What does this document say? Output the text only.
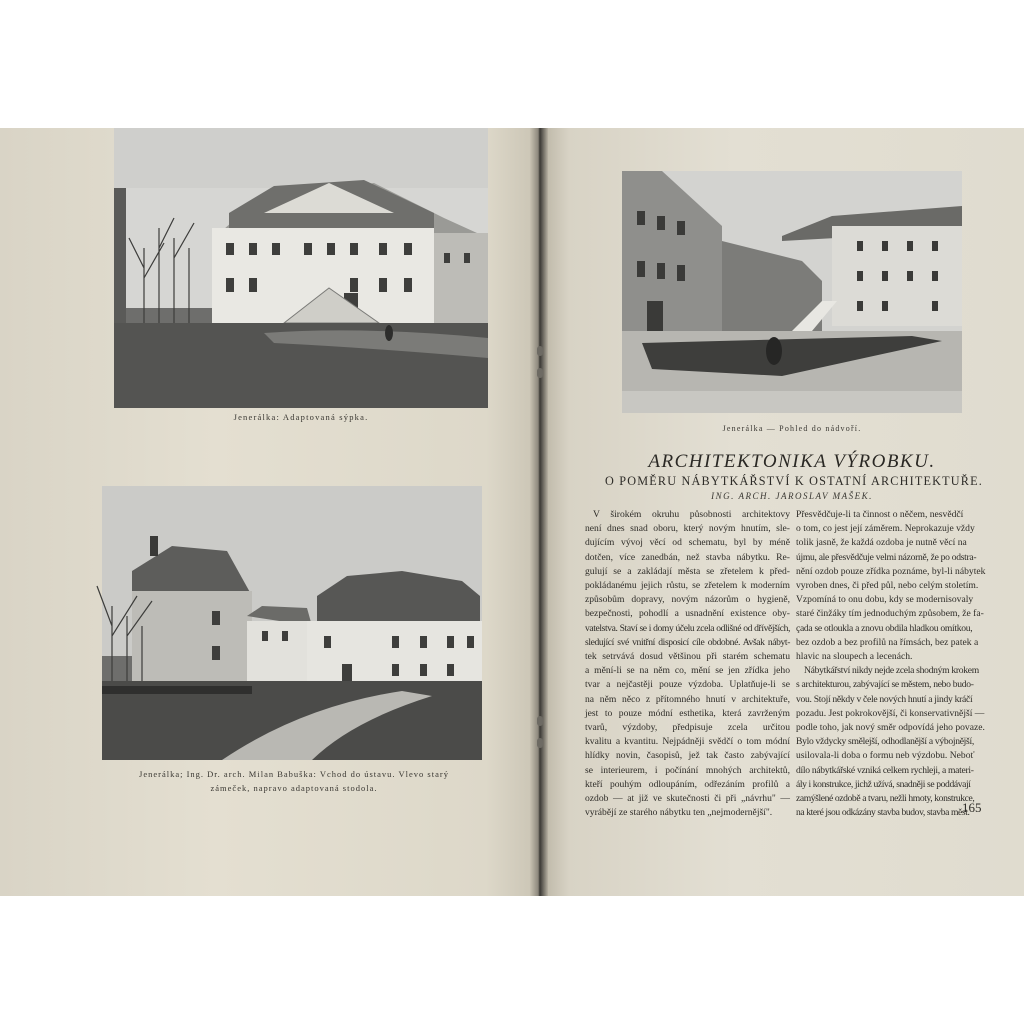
Jenerálka: Adaptovaná sýpka.
Jenerálka; Ing. Dr. arch. Milan Babuška: Vchod do ústavu. Vlevo starý
zámeček, napravo adaptovaná stodola.
Jenerálka — Pohled do nádvoří.
ARCHITEKTONIKA VÝROBKU.
O POMĚRU NÁBYTKÁŘSTVÍ K OSTATNÍ ARCHITEKTUŘE.
ING. ARCH. JAROSLAV MAŠEK.
V širokém okruhu působnosti architektovy
není dnes snad oboru, který novým hnutím, sle-
dujícím vývoj věcí od schematu, byl by méně
dotčen, více zanedbán, než stavba nábytku. Re-
gulují se a zakládají města se zřetelem k před-
pokládanému jejich růstu, se zřetelem k moderním
způsobům dopravy, novým názorům o hygieně,
bezpečnosti, pohodlí a usnadnění existence oby-
vatelstva. Staví se i domy účelu zcela odlišné od dřívějších,
sledující své vnitřní disposicí cíle obdobné. Avšak nábyt-
tek setrvává dosud většinou při starém schematu
a mění-li se na něm co, mění se jen zřídka jeho
tvar a nejčastěji pouze výzdoba. Uplatňuje-li se
na něm něco z přítomného hnutí v architektuře,
jest to pouze módní esthetika, která zavrženým
tvarů, výzdoby, předpisuje zcela určitou
kvalitu a kvantitu. Nejpádněji svědčí o tom módní
hlídky novin, časopisů, jež tak často zabývající
se interieurem, i počínání mnohých architektů,
kteří pouhým odloupáním, odřezáním profilů a
ozdob — at již ve skutečnosti či při „návrhu" —
vyrábějí ze starého nábytku ten „nejmodernější".
Přesvědčuje-li ta činnost o něčem, nesvědčí
o tom, co jest její záměrem. Neprokazuje vždy
tolik jasně, že každá ozdoba je nutně věcí na
újmu, ale přesvědčuje velmi názorně, že po odstra-
nění ozdob pouze zřídka poznáme, byl-li nábytek
vyroben dnes, či před půl, nebo celým stoletím.
Vzpomíná to onu dobu, kdy se modernisovaly
staré činžáky tím jednoduchým způsobem, že fa-
çada se otloukla a znovu obdila hladkou omítkou,
bez ozdob a bez profilů na římsách, bez patek a
hlavic na sloupech a lecenách.
Nábytkářství nikdy nejde zcela shodným krokem
s architekturou, zabývající se městem, nebo budo-
vou. Stojí někdy v čele nových hnutí a jindy kráčí
pozadu. Jest pokrokovější, či konservativnější —
podle toho, jak nový směr odpovídá jeho povaze.
Bylo vždycky smělejší, odhodlanější a výbojnější,
usilovala-li doba o formu neb výzdobu. Neboť
dílo nábytkářské vzniká celkem rychleji, a materi-
ály i konstrukce, jichž užívá, snadněji se poddávají
zamýšlené ozdobě a tvaru, nežli hmoty, konstrukce,
na které jsou odkázány stavba budov, stavba měst.
165
